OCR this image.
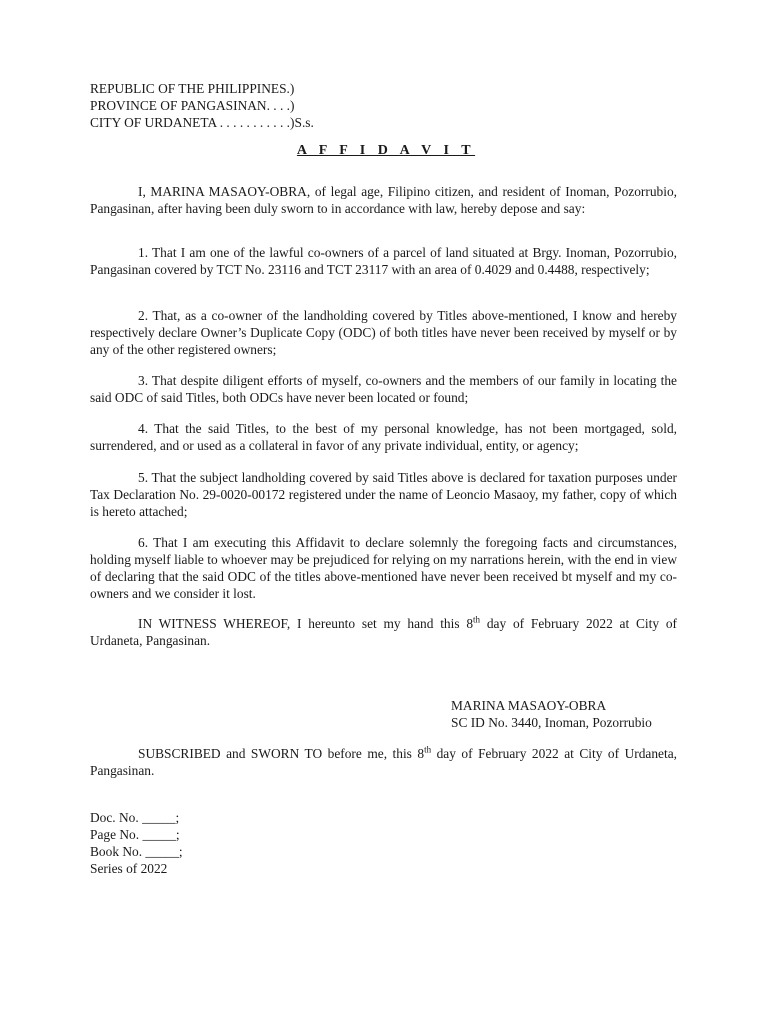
REPUBLIC OF THE PHILIPPINES.)
PROVINCE OF PANGASINAN. . . .)
CITY OF URDANETA . . . . . . . . . . .)S.s.
A F F I D A V I T

I, MARINA MASAOY-OBRA, of legal age, Filipino citizen, and resident of Inoman, Pozorrubio, Pangasinan, after having been duly sworn to in accordance with law, hereby depose and say:

1. That I am one of the lawful co-owners of a parcel of land situated at Brgy. Inoman, Pozorrubio, Pangasinan covered by TCT No. 23116 and TCT 23117 with an area of 0.4029 and 0.4488, respectively;

2. That, as a co-owner of the landholding covered by Titles above-mentioned, I know and hereby respectively declare Owner’s Duplicate Copy (ODC) of both titles have never been received by myself or by any of the other registered owners;

3. That despite diligent efforts of myself, co-owners and the members of our family in locating the said ODC of said Titles, both ODCs have never been located or found;

4. That the said Titles, to the best of my personal knowledge, has not been mortgaged, sold, surrendered, and or used as a collateral in favor of any private individual, entity, or agency;

5. That the subject landholding covered by said Titles above is declared for taxation purposes under Tax Declaration No. 29-0020-00172 registered under the name of Leoncio Masaoy, my father, copy of which is hereto attached;

6. That I am executing this Affidavit to declare solemnly the foregoing facts and circumstances, holding myself liable to whoever may be prejudiced for relying on my narrations herein, with the end in view of declaring that the said ODC of the titles above-mentioned have never been received bt myself and my co-owners and we consider it lost.

IN WITNESS WHEREOF, I hereunto set my hand this 8th day of February 2022 at City of Urdaneta, Pangasinan.

MARINA MASAOY-OBRA
SC ID No. 3440, Inoman, Pozorrubio

SUBSCRIBED and SWORN TO before me, this 8th day of February 2022 at City of Urdaneta, Pangasinan.

Doc. No. _____;
Page No. _____;
Book No. _____;
Series of 2022
